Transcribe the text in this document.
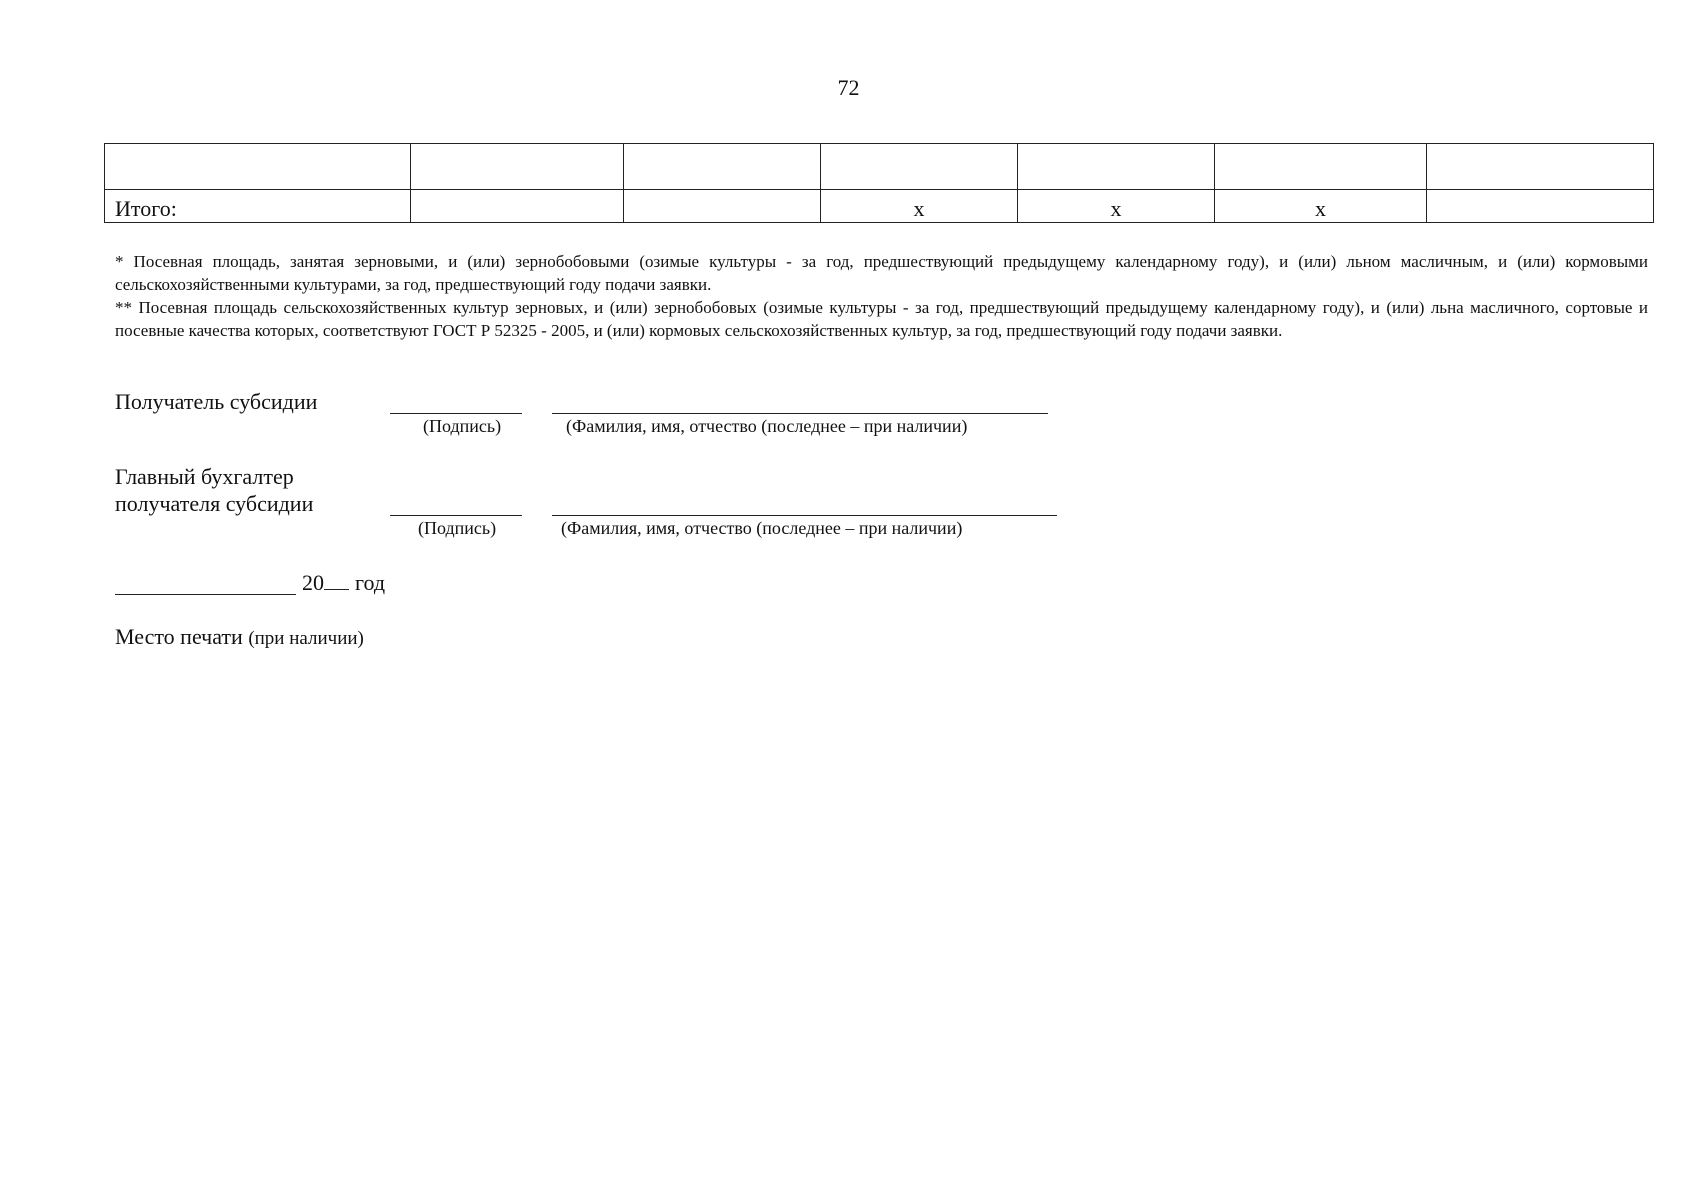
72

Итого:			x	x	x	

* Посевная площадь, занятая зерновыми, и (или) зернобобовыми (озимые культуры - за год, предшествующий предыдущему календарному году), и (или) льном масличным, и (или) кормовыми сельскохозяйственными культурами, за год, предшествующий году подачи заявки.

** Посевная площадь сельскохозяйственных культур зерновых, и (или) зернобобовых (озимые культуры - за год, предшествующий предыдущему календарному году), и (или) льна масличного, сортовые и посевные качества которых, соответствуют ГОСТ Р 52325 - 2005, и (или) кормовых сельскохозяйственных культур, за год, предшествующий году подачи заявки.

Получатель субсидии
(Подпись)	(Фамилия, имя, отчество (последнее – при наличии)
Главный бухгалтер
получателя субсидии
(Подпись)	(Фамилия, имя, отчество (последнее – при наличии)
20 год
Место печати (при наличии)
